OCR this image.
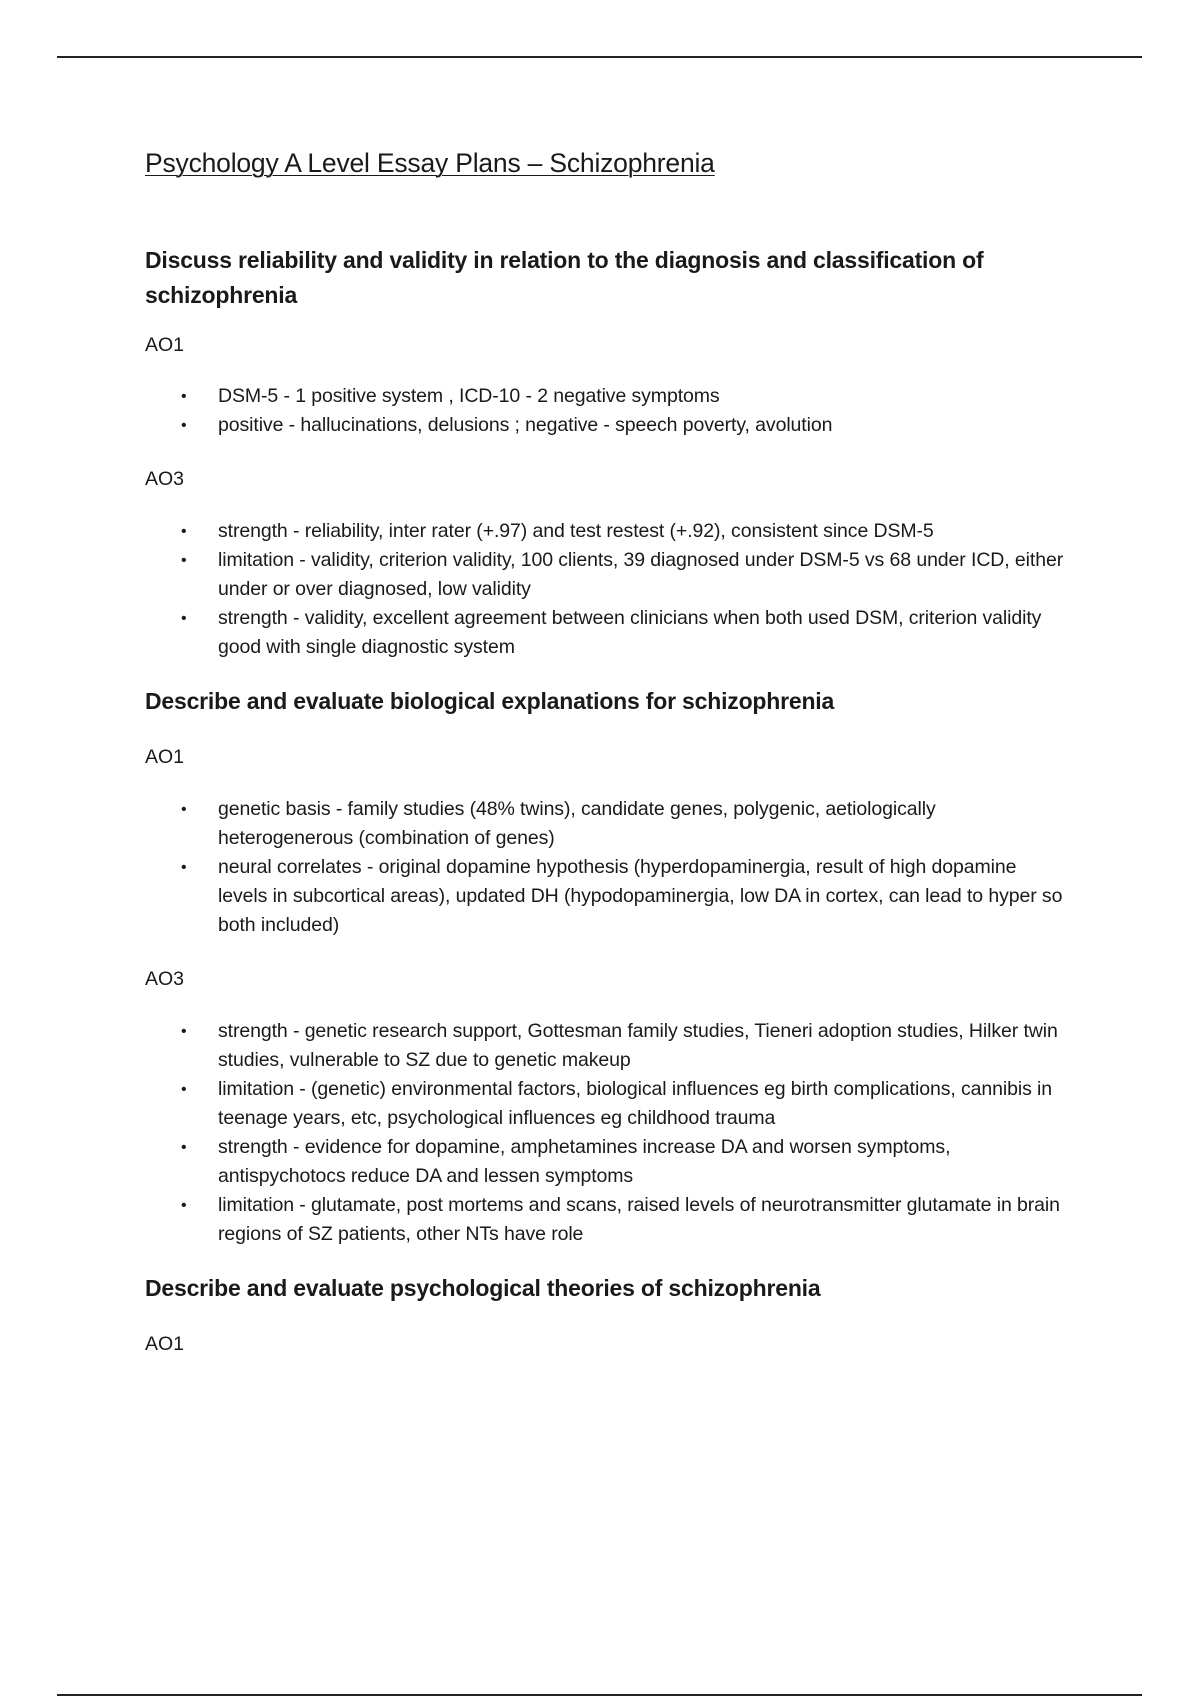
Psychology A Level Essay Plans – Schizophrenia
Discuss reliability and validity in relation to the diagnosis and classification of schizophrenia

AO1

• DSM-5 - 1 positive system , ICD-10 - 2 negative symptoms
• positive - hallucinations, delusions ; negative - speech poverty, avolution

AO3

• strength - reliability, inter rater (+.97) and test restest (+.92), consistent since DSM-5
• limitation - validity, criterion validity, 100 clients, 39 diagnosed under DSM-5 vs 68 under ICD, either under or over diagnosed, low validity
• strength - validity, excellent agreement between clinicians when both used DSM, criterion validity good with single diagnostic system
Describe and evaluate biological explanations for schizophrenia

AO1

• genetic basis - family studies (48% twins), candidate genes, polygenic, aetiologically heterogenerous (combination of genes)
• neural correlates - original dopamine hypothesis (hyperdopaminergia, result of high dopamine levels in subcortical areas), updated DH (hypodopaminergia, low DA in cortex, can lead to hyper so both included)

AO3

• strength - genetic research support, Gottesman family studies, Tieneri adoption studies, Hilker twin studies, vulnerable to SZ due to genetic makeup
• limitation - (genetic) environmental factors, biological influences eg birth complications, cannibis in teenage years, etc, psychological influences eg childhood trauma
• strength - evidence for dopamine, amphetamines increase DA and worsen symptoms, antispychotocs reduce DA and lessen symptoms
• limitation - glutamate, post mortems and scans, raised levels of neurotransmitter glutamate in brain regions of SZ patients, other NTs have role
Describe and evaluate psychological theories of schizophrenia

AO1
